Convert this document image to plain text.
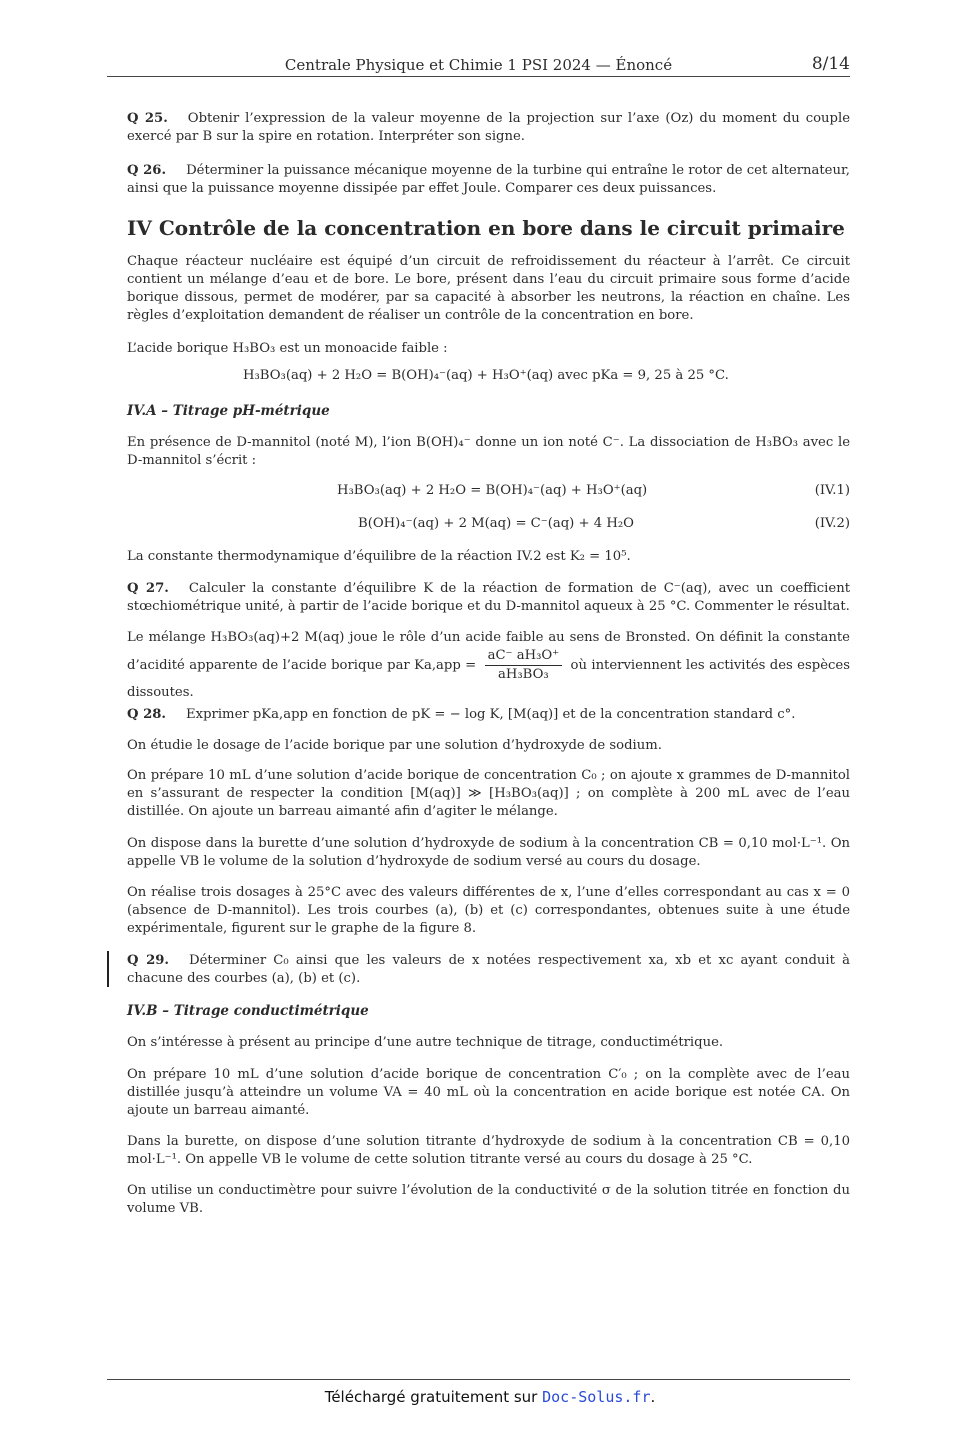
Centrale Physique et Chimie 1 PSI 2024 — Énoncé	8/14
Q 25. Obtenir l’expression de la valeur moyenne de la projection sur l’axe (Oz) du moment du couple exercé par B sur la spire en rotation. Interpréter son signe.
Q 26. Déterminer la puissance mécanique moyenne de la turbine qui entraîne le rotor de cet alternateur, ainsi que la puissance moyenne dissipée par effet Joule. Comparer ces deux puissances.
IV Contrôle de la concentration en bore dans le circuit primaire
Chaque réacteur nucléaire est équipé d’un circuit de refroidissement du réacteur à l’arrêt. Ce circuit contient un mélange d’eau et de bore. Le bore, présent dans l’eau du circuit primaire sous forme d’acide borique dissous, permet de modérer, par sa capacité à absorber les neutrons, la réaction en chaîne. Les règles d’exploitation demandent de réaliser un contrôle de la concentration en bore.
L’acide borique H₃BO₃ est un monoacide faible :
H₃BO₃(aq) + 2 H₂O = B(OH)₄⁻(aq) + H₃O⁺(aq) avec pKa = 9, 25 à 25 °C.
IV.A – Titrage pH-métrique
En présence de D-mannitol (noté M), l’ion B(OH)₄⁻ donne un ion noté C⁻. La dissociation de H₃BO₃ avec le D-mannitol s’écrit :
H₃BO₃(aq) + 2 H₂O = B(OH)₄⁻(aq) + H₃O⁺(aq)	(IV.1)
B(OH)₄⁻(aq) + 2 M(aq) = C⁻(aq) + 4 H₂O	(IV.2)
La constante thermodynamique d’équilibre de la réaction IV.2 est K₂ = 10⁵.
Q 27. Calculer la constante d’équilibre K de la réaction de formation de C⁻(aq), avec un coefficient stœchiométrique unité, à partir de l’acide borique et du D-mannitol aqueux à 25 °C. Commenter le résultat.
Le mélange H₃BO₃(aq)+2 M(aq) joue le rôle d’un acide faible au sens de Bronsted. On définit la constante d’acidité apparente de l’acide borique par $Ka,app = \frac{\text{aC⁻ aH₃O⁺}}{\text{aH₃BO₃}}$ où interviennent les activités des espèces dissoutes.
Q 28. Exprimer pKa,app en fonction de pK = − log K, [M(aq)] et de la concentration standard c°.
On étudie le dosage de l’acide borique par une solution d’hydroxyde de sodium.
On prépare 10 mL d’une solution d’acide borique de concentration C₀ ; on ajoute x grammes de D-mannitol en s’assurant de respecter la condition [M(aq)] ≫ [H₃BO₃(aq)] ; on complète à 200 mL avec de l’eau distillée. On ajoute un barreau aimanté afin d’agiter le mélange.
On dispose dans la burette d’une solution d’hydroxyde de sodium à la concentration CB = 0,10 mol·L⁻¹. On appelle VB le volume de la solution d’hydroxyde de sodium versé au cours du dosage.
On réalise trois dosages à 25°C avec des valeurs différentes de x, l’une d’elles correspondant au cas x = 0 (absence de D-mannitol). Les trois courbes (a), (b) et (c) correspondantes, obtenues suite à une étude expérimentale, figurent sur le graphe de la figure 8.
Q 29. Déterminer C₀ ainsi que les valeurs de x notées respectivement xa, xb et xc ayant conduit à chacune des courbes (a), (b) et (c).
IV.B – Titrage conductimétrique
On s’intéresse à présent au principe d’une autre technique de titrage, conductimétrique.
On prépare 10 mL d’une solution d’acide borique de concentration C′₀ ; on la complète avec de l’eau distillée jusqu’à atteindre un volume VA = 40 mL où la concentration en acide borique est notée CA. On ajoute un barreau aimanté.
Dans la burette, on dispose d’une solution titrante d’hydroxyde de sodium à la concentration CB = 0,10 mol·L⁻¹. On appelle VB le volume de cette solution titrante versé au cours du dosage à 25 °C.
On utilise un conductimètre pour suivre l’évolution de la conductivité σ de la solution titrée en fonction du volume VB.
Téléchargé gratuitement sur Doc-Solus.fr.
